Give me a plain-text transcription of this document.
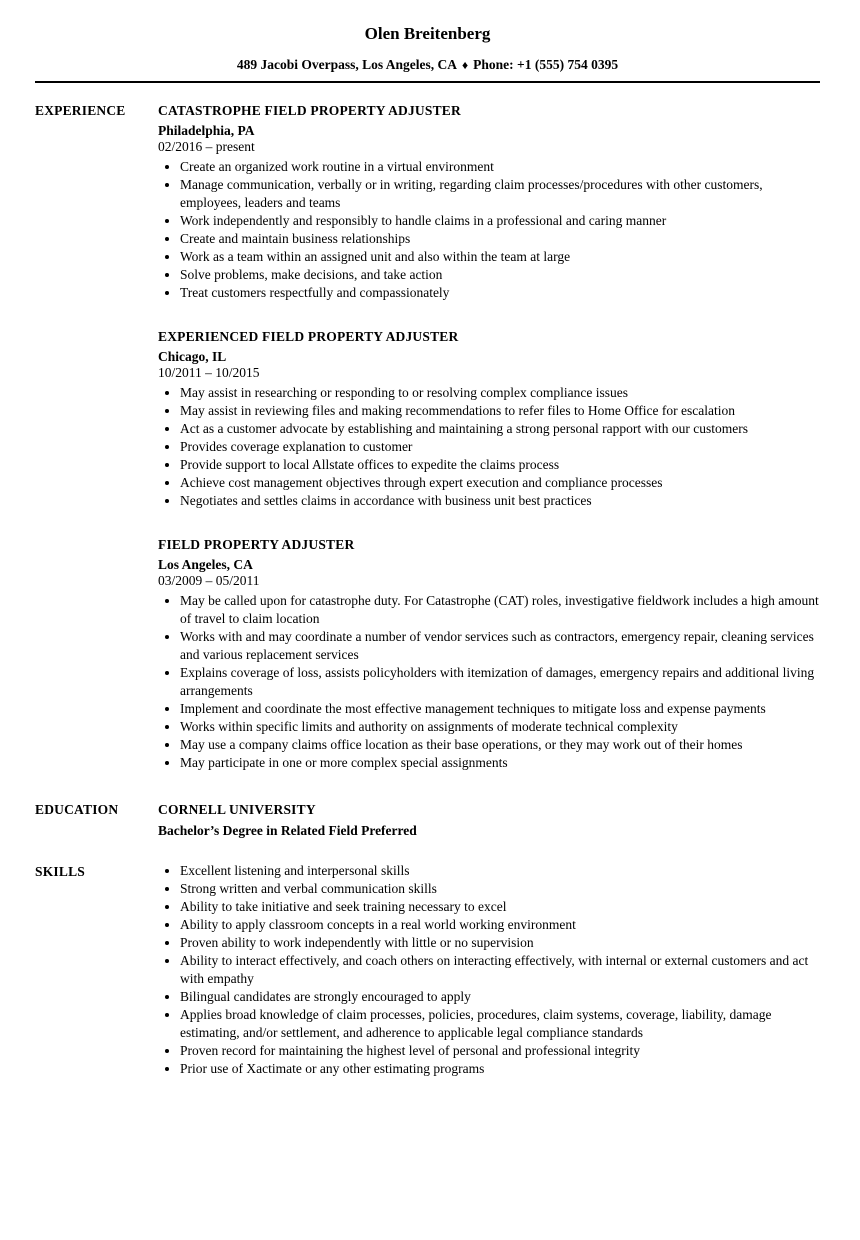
Olen Breitenberg
489 Jacobi Overpass, Los Angeles, CA ♦ Phone: +1 (555) 754 0395
EXPERIENCE	CATASTROPHE FIELD PROPERTY ADJUSTER
Philadelphia, PA
02/2016 – present
• Create an organized work routine in a virtual environment
• Manage communication, verbally or in writing, regarding claim processes/procedures with other customers, employees, leaders and teams
• Work independently and responsibly to handle claims in a professional and caring manner
• Create and maintain business relationships
• Work as a team within an assigned unit and also within the team at large
• Solve problems, make decisions, and take action
• Treat customers respectfully and compassionately
EXPERIENCED FIELD PROPERTY ADJUSTER
Chicago, IL
10/2011 – 10/2015
• May assist in researching or responding to or resolving complex compliance issues
• May assist in reviewing files and making recommendations to refer files to Home Office for escalation
• Act as a customer advocate by establishing and maintaining a strong personal rapport with our customers
• Provides coverage explanation to customer
• Provide support to local Allstate offices to expedite the claims process
• Achieve cost management objectives through expert execution and compliance processes
• Negotiates and settles claims in accordance with business unit best practices
FIELD PROPERTY ADJUSTER
Los Angeles, CA
03/2009 – 05/2011
• May be called upon for catastrophe duty. For Catastrophe (CAT) roles, investigative fieldwork includes a high amount of travel to claim location
• Works with and may coordinate a number of vendor services such as contractors, emergency repair, cleaning services and various replacement services
• Explains coverage of loss, assists policyholders with itemization of damages, emergency repairs and additional living arrangements
• Implement and coordinate the most effective management techniques to mitigate loss and expense payments
• Works within specific limits and authority on assignments of moderate technical complexity
• May use a company claims office location as their base operations, or they may work out of their homes
• May participate in one or more complex special assignments
EDUCATION	CORNELL UNIVERSITY
Bachelor’s Degree in Related Field Preferred
SKILLS	• Excellent listening and interpersonal skills
• Strong written and verbal communication skills
• Ability to take initiative and seek training necessary to excel
• Ability to apply classroom concepts in a real world working environment
• Proven ability to work independently with little or no supervision
• Ability to interact effectively, and coach others on interacting effectively, with internal or external customers and act with empathy
• Bilingual candidates are strongly encouraged to apply
• Applies broad knowledge of claim processes, policies, procedures, claim systems, coverage, liability, damage estimating, and/or settlement, and adherence to applicable legal compliance standards
• Proven record for maintaining the highest level of personal and professional integrity
• Prior use of Xactimate or any other estimating programs
